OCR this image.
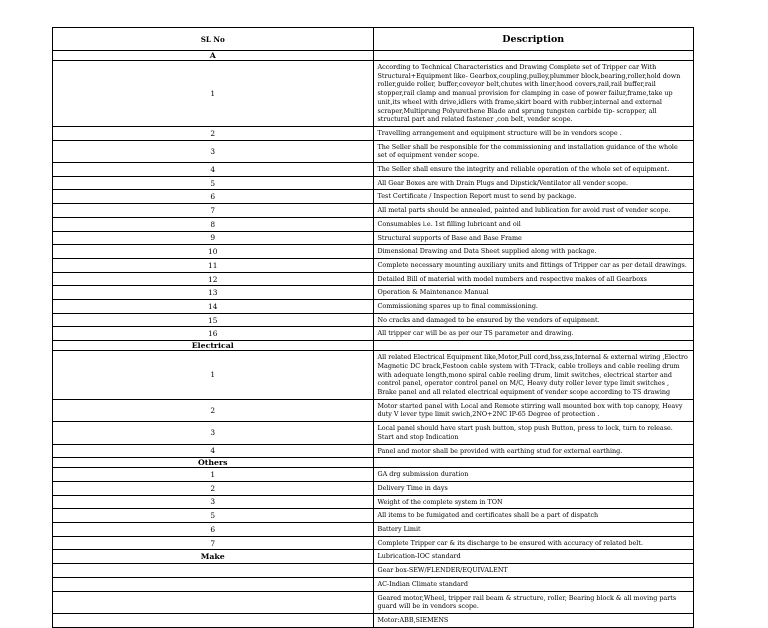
SL No	Description
A	
1	According to Technical Characteristics and Drawing Complete set of Tripper car With Structural+Equipment like- Gearbox,coupling,pulley,plummer block,bearing,roller,hold down roller,guide roller, buffer,coveyor belt,chutes with liner,hood covers,rail,rail buffer,rail stopper,rail clamp and manual provision for clamping in case of power failur,frame,take up unit,its wheel with drive,idlers with frame,skirt board with rubber,internal and external scraper,Multiprung Polyurethene Blade and sprung tungsten carbide tip- scrapper, all structural part and related fastener ,con belt, vender scope.
2	Travelling arrangement and equipment structure will be in vendors scope .
3	The Seller shall be responsible for the commissioning and installation guidance of the whole set of equipment vender scope.
4	The Seller shall ensure the integrity and reliable operation of the whole set of equipment.
5	All Gear Boxes are with Drain Plugs and Dipstick/Ventilator all vender scope.
6	Test Certificate / Inspection Report must to send by package.
7	All metal parts should be annealed, painted and lublication for avoid rust of vender scope.
8	Consumables i.e. 1st filling lubricant and oil
9	Structural supports of Base and Base Frame
10	Dimensional Drawing and Data Sheet supplied along with package.
11	Complete necessary mounting auxiliary units and fittings of Tripper car as per detail drawings.
12	Detailed Bill of material with model numbers and respective makes of all Gearboxs
13	Operation & Maintenance Manual
14	Commissioning spares up to final commissioning.
15	No cracks and damaged to be ensured by the vendors of equipment.
16	All tripper car will be as per our TS parameter and drawing.
Electrical	
1	All related Electrical Equipment like,Motor,Pull cord,bss,zss,Internal & external wiring ,Electro Magnetic DC brack,Festoon cable system with T-Track, cable trolleys and cable reeling drum with adequate length,mono spiral cable reeling drum, limit switches, electrical starter and control panel, operator control panel on M/C, Heavy duty roller lever type limit switches , Brake panel and all related electrical equipment of vender scope according to TS drawing
2	Motor started panel with Local and Remote stirring wall mounted box with top canopy, Heavy duty V lever type limit swich,2NO+2NC IP-65 Degree of protection .
3	Local panel should have start push button, stop push Button, press to lock, turn to release. Start and stop Indication
4	Panel and motor shall be provided with earthing stud for external earthing.
Others	
1	GA drg submission duration
2	Delivery Time in days
3	Weight of the complete system in TON
5	All items to be fumigated and certificates shall be a part of dispatch
6	Battery Limit
7	Complete Tripper car & its discharge to be ensured with accuracy of related belt.
Make	Lubrication-IOC standard
	Gear box-SEW/FLENDER/EQUIVALENT
	AC-Indian Climate standard
	Geared motor,Wheel, tripper rail beam & structure, roller, Bearing block & all moving parts guard will be in vendors scope.
	Motor:ABB,SIEMENS
